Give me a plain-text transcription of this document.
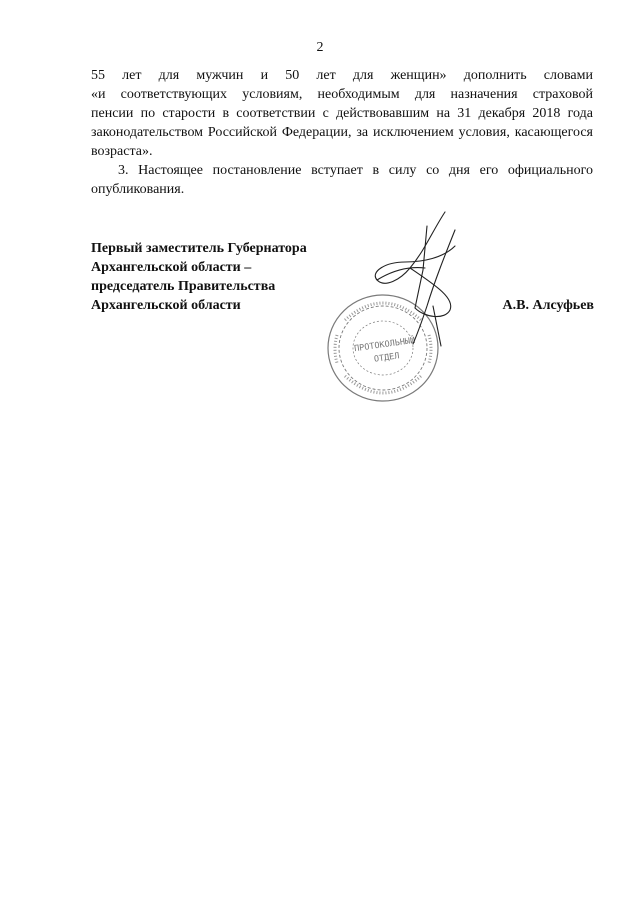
2
55 лет для мужчин и 50 лет для женщин» дополнить словами
«и соответствующих условиям, необходимым для назначения страховой
пенсии по старости в соответствии с действовавшим на 31 декабря 2018 года
законодательством Российской Федерации, за исключением условия, касающегося
возраста».
3. Настоящее постановление вступает в силу со дня его официального
опубликования.
Первый заместитель Губернатора
Архангельской области –
председатель Правительства
Архангельской области	А.В. Алсуфьев
ПРОТОКОЛЬНЫЙ
ОТДЕЛ
